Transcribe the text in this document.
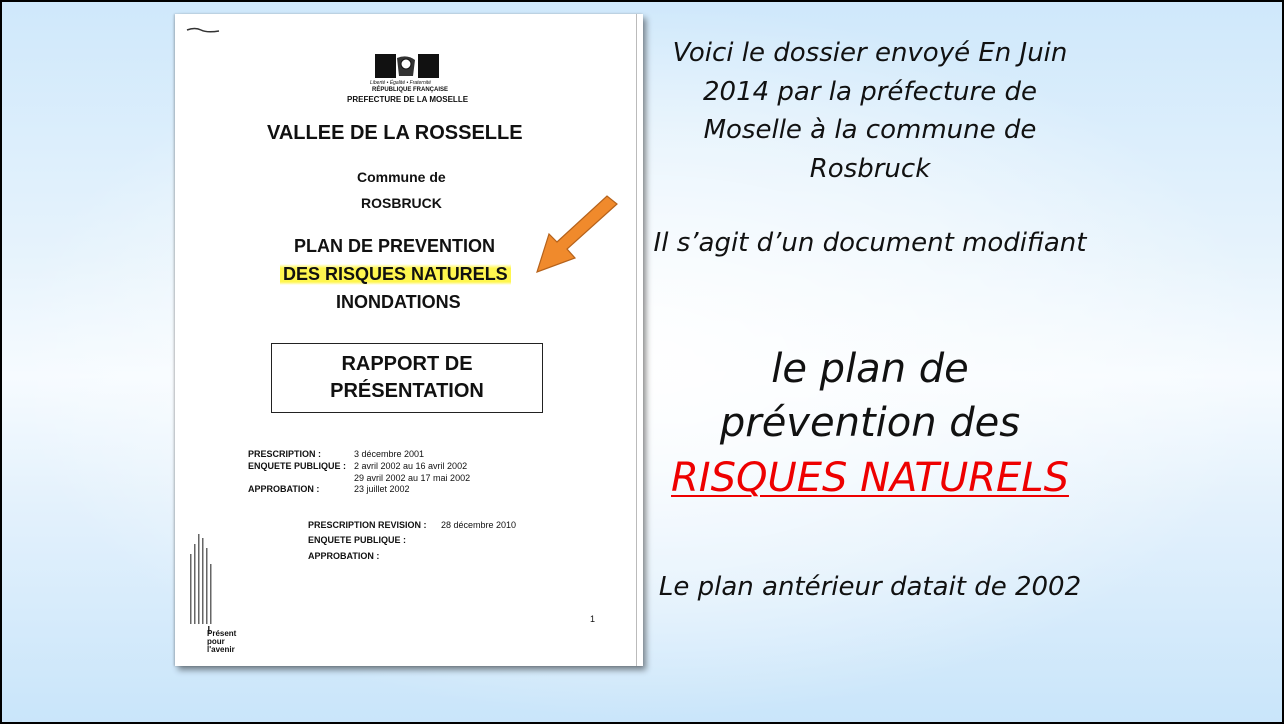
Liberté • Égalité • Fraternité
RÉPUBLIQUE FRANÇAISE
PREFECTURE DE LA MOSELLE
VALLEE DE LA ROSSELLE
Commune de
ROSBRUCK
PLAN DE PREVENTION
DES RISQUES NATURELS
INONDATIONS
RAPPORT DE
PRÉSENTATION
PRESCRIPTION :	3 décembre 2001
ENQUETE PUBLIQUE : 2 avril 2002 au 16 avril 2002
29 avril 2002 au 17 mai 2002
APPROBATION :	23 juillet 2002
PRESCRIPTION REVISION : 28 décembre 2010
ENQUETE PUBLIQUE :
APPROBATION :
Présent pour l'avenir
1
Voici le dossier envoyé En Juin 2014 par la préfecture de Moselle à la commune de Rosbruck
Il s’agit d’un document modifiant
le plan de
prévention des
RISQUES NATURELS
Le plan antérieur datait de 2002
